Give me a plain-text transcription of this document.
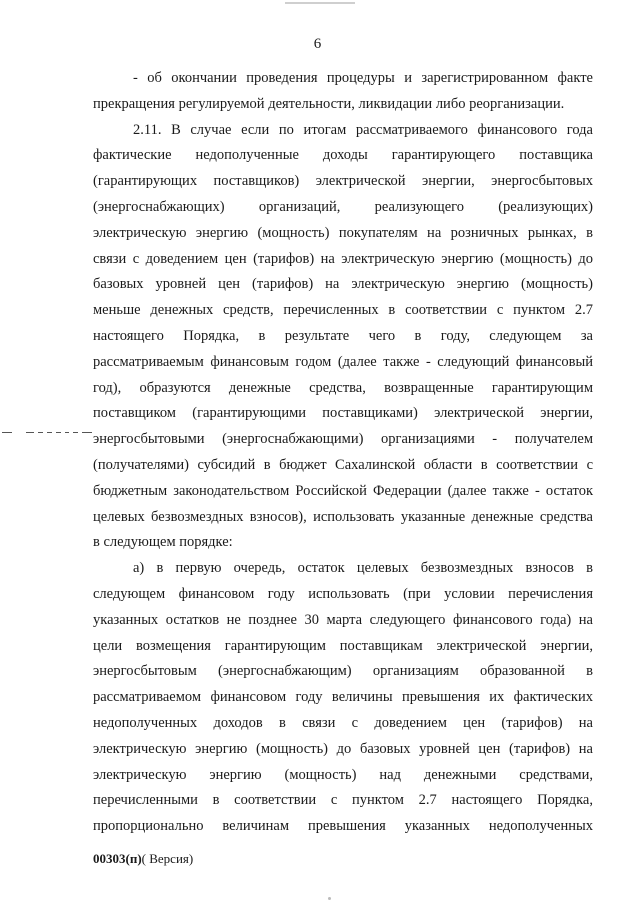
6
- об окончании проведения процедуры и зарегистрированном факте
прекращения регулируемой деятельности, ликвидации либо реорганизации.
2.11. В случае если по итогам рассматриваемого финансового года
фактические недополученные доходы гарантирующего поставщика
(гарантирующих поставщиков) электрической энергии, энергосбытовых
(энергоснабжающих) организаций, реализующего (реализующих)
электрическую энергию (мощность) покупателям на розничных рынках, в
связи с доведением цен (тарифов) на электрическую энергию (мощность) до
базовых уровней цен (тарифов) на электрическую энергию (мощность)
меньше денежных средств, перечисленных в соответствии с пунктом 2.7
настоящего Порядка, в результате чего в году, следующем за
рассматриваемым финансовым годом (далее также - следующий финансовый
год), образуются денежные средства, возвращенные гарантирующим
поставщиком (гарантирующими поставщиками) электрической энергии,
энергосбытовыми (энергоснабжающими) организациями - получателем
(получателями) субсидий в бюджет Сахалинской области в соответствии с
бюджетным законодательством Российской Федерации (далее также - остаток
целевых безвозмездных взносов), использовать указанные денежные средства
в следующем порядке:
а) в первую очередь, остаток целевых безвозмездных взносов в
следующем финансовом году использовать (при условии перечисления
указанных остатков не позднее 30 марта следующего финансового года) на
цели возмещения гарантирующим поставщикам электрической энергии,
энергосбытовым (энергоснабжающим) организациям образованной в
рассматриваемом финансовом году величины превышения их фактических
недополученных доходов в связи с доведением цен (тарифов) на
электрическую энергию (мощность) до базовых уровней цен (тарифов) на
электрическую энергию (мощность) над денежными средствами,
перечисленными в соответствии с пунктом 2.7 настоящего Порядка,
пропорционально величинам превышения указанных недополученных
00303(п)( Версия)
